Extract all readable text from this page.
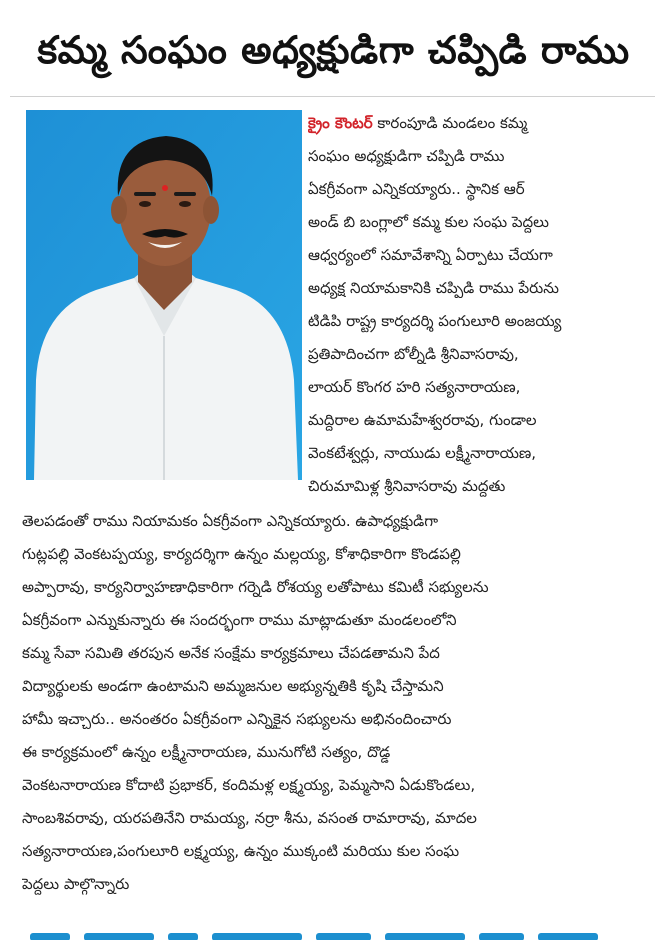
కమ్మ సంఘం అధ్యక్షుడిగా చప్పిడి రాము
క్రైం కౌంటర్ కారంపూడి మండలం కమ్మ
సంఘం అధ్యక్షుడిగా చప్పిడి రాము
ఏకగ్రీవంగా ఎన్నికయ్యారు.. స్థానిక ఆర్
అండ్ బి బంగ్లాలో కమ్మ కుల సంఘ పెద్దలు
ఆధ్వర్యంలో సమావేశాన్ని ఏర్పాటు చేయగా
అధ్యక్ష నియామకానికి చప్పిడి రాము పేరును
టిడిపి రాష్ట్ర కార్యదర్శి పంగులూరి అంజయ్య
ప్రతిపాదించగా బోల్నీడి శ్రీనివాసరావు,
లాయర్ కొంగర హరి సత్యనారాయణ,
మద్దిరాల ఉమామహేశ్వరరావు, గుండాల
వెంకటేశ్వర్లు, నాయుడు లక్ష్మీనారాయణ,
చిరుమామిళ్ల శ్రీనివాసరావు మద్దతు
తెలపడంతో రాము నియామకం ఏకగ్రీవంగా ఎన్నికయ్యారు. ఉపాధ్యక్షుడిగా
గుట్లపల్లి వెంకటప్పయ్య, కార్యదర్శిగా ఉన్నం మల్లయ్య, కోశాధికారిగా కొండపల్లి
అప్పారావు, కార్యనిర్వాహణాధికారిగా గర్నెడి రోశయ్య లతోపాటు కమిటీ సభ్యులను
ఏకగ్రీవంగా ఎన్నుకున్నారు ఈ సందర్భంగా రాము మాట్లాడుతూ మండలంలోని
కమ్మ సేవా సమితి తరపున అనేక సంక్షేమ కార్యక్రమాలు చేపడతామని పేద
విద్యార్థులకు అండగా ఉంటామని అమ్మజనుల అభ్యున్నతికి కృషి చేస్తామని
హామీ ఇచ్చారు.. అనంతరం ఏకగ్రీవంగా ఎన్నికైన సభ్యులను అభినందించారు
ఈ కార్యక్రమంలో ఉన్నం లక్ష్మీనారాయణ, మునుగోటి సత్యం, దొడ్డ
వెంకటనారాయణ కోదాటి ప్రభాకర్, కందిమళ్ల లక్ష్మయ్య, పెమ్మసాని ఏడుకొండలు,
సాంబశివరావు, యరపతినేని రామయ్య, నర్రా శీను, వసంత రామారావు, మాదల
సత్యనారాయణ,పంగులూరి లక్ష్మయ్య, ఉన్నం ముక్కంటి మరియు కుల సంఘ
పెద్దలు పాల్గొన్నారు
